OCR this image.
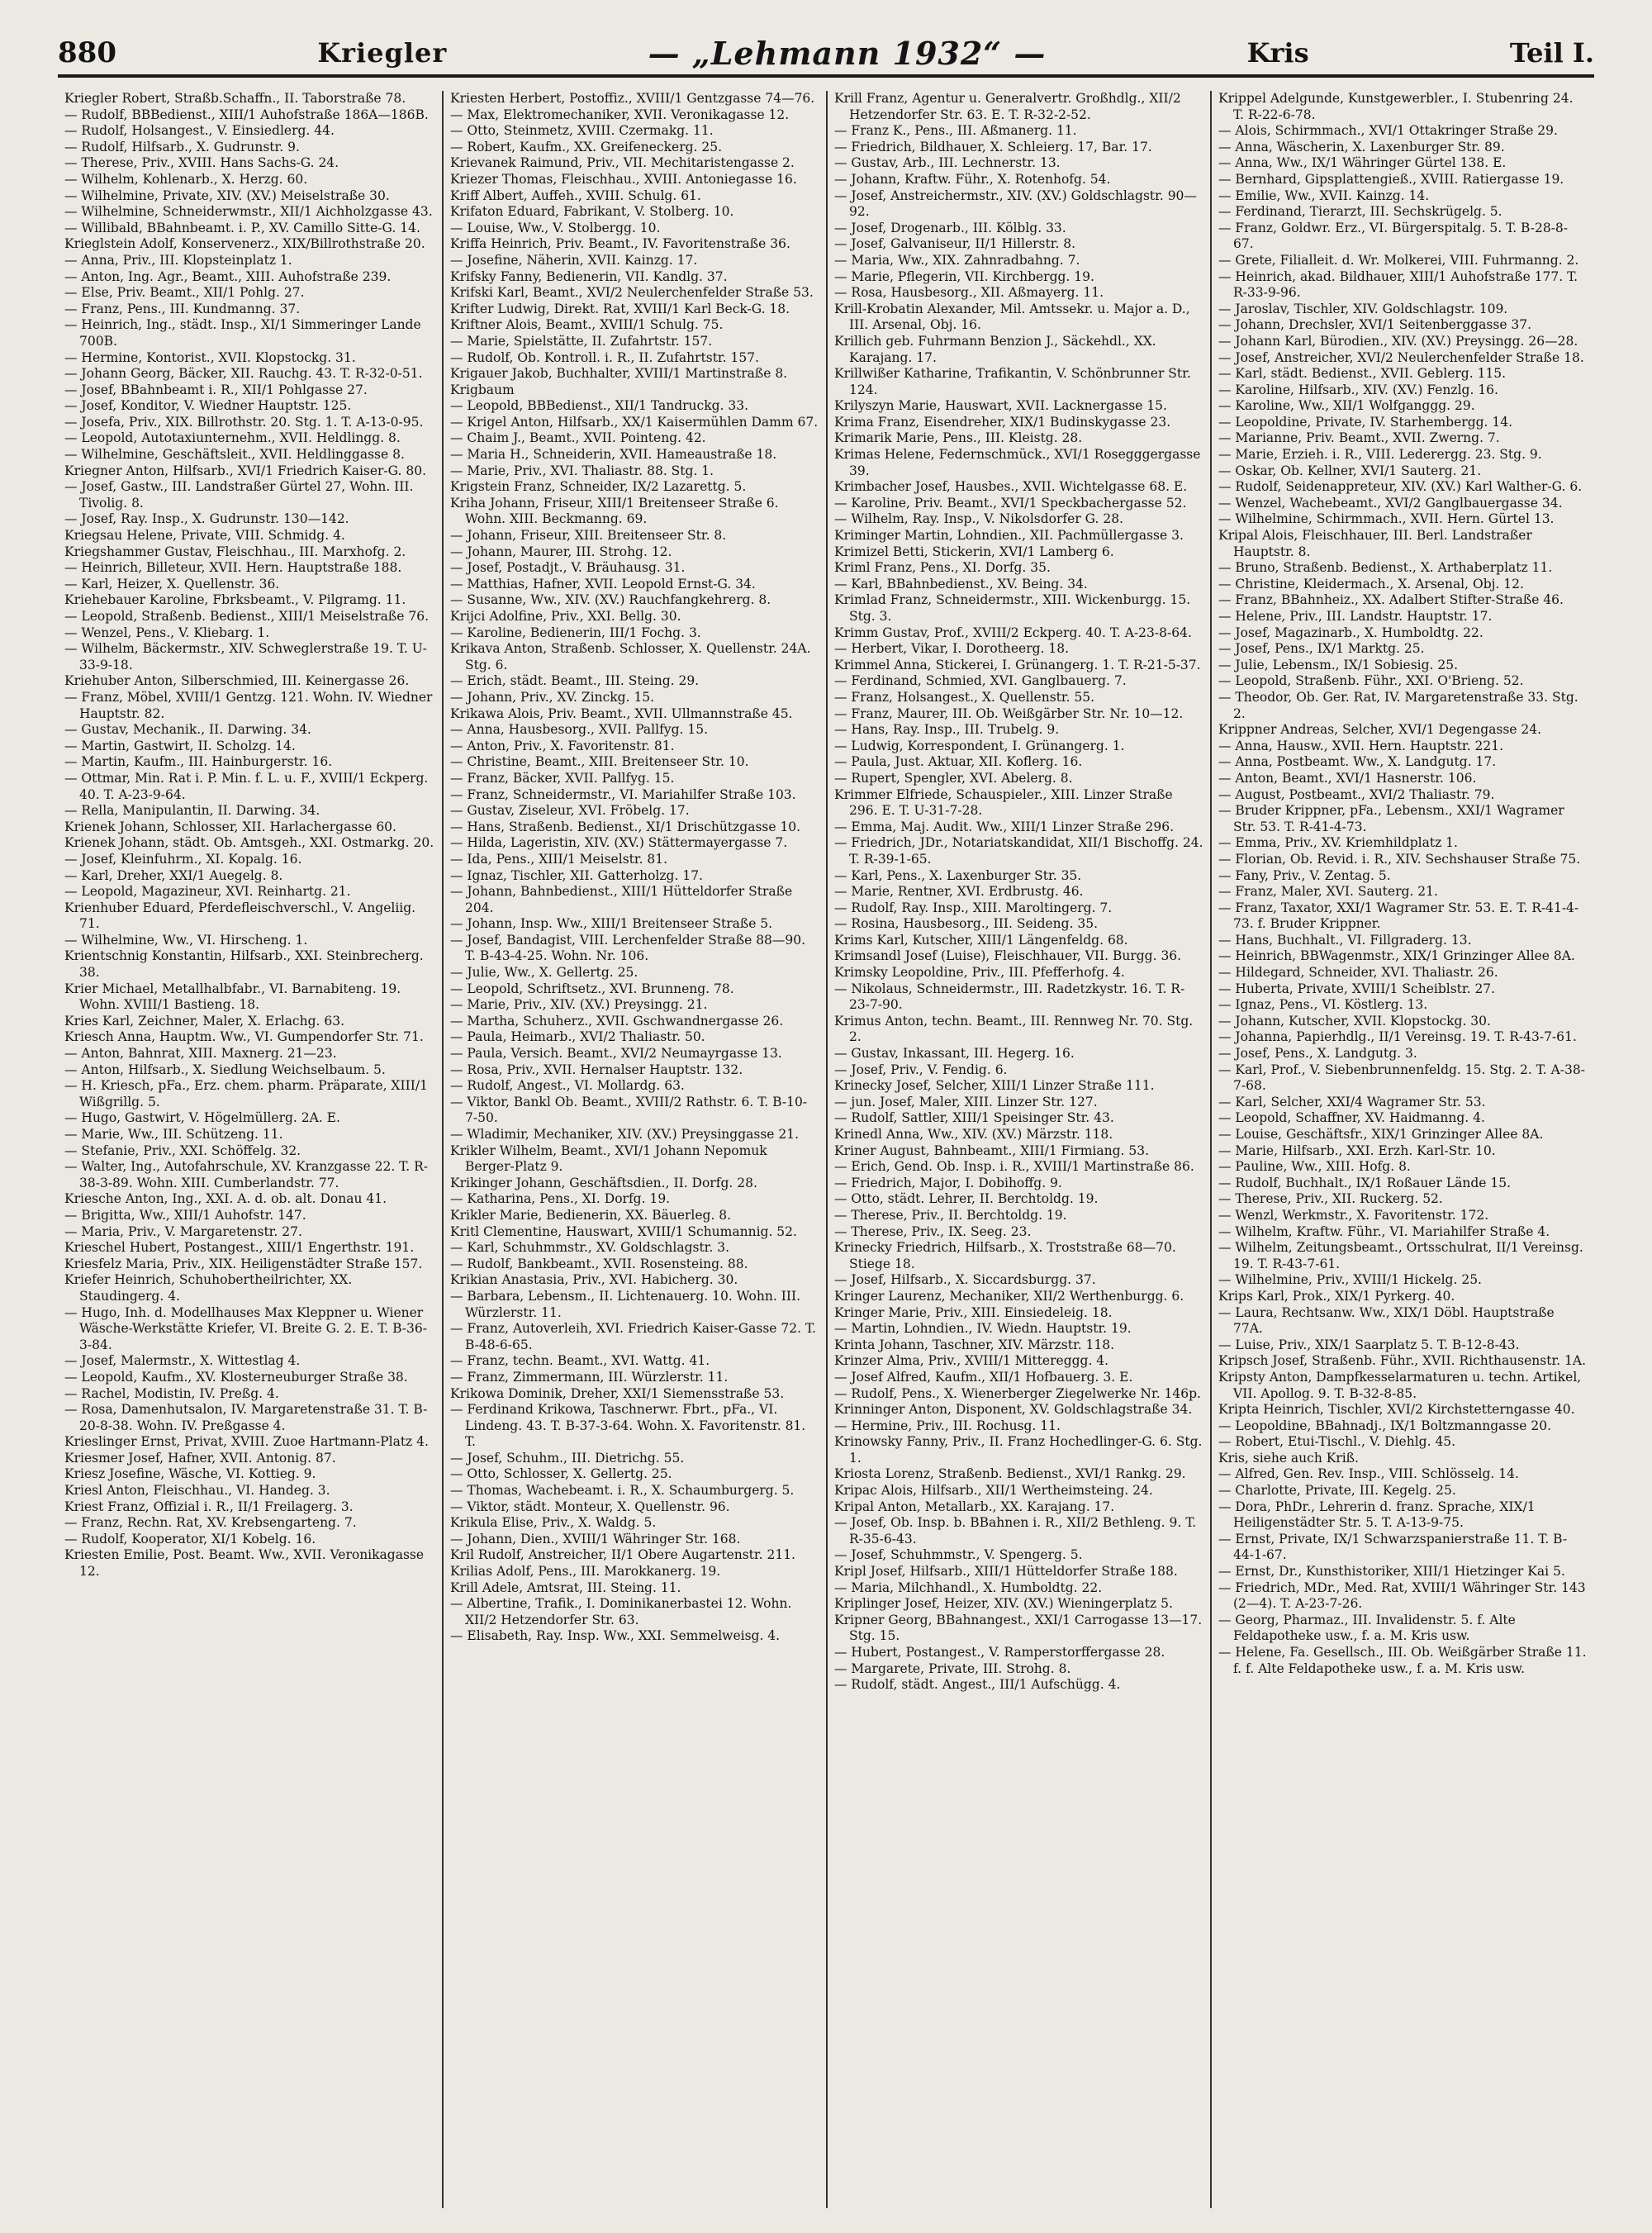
880	Kriegler	— „Lehmann 1932“ —	Kris	Teil I.

Kriegler Robert, Straßb.Schaffn., II. Taborstraße 78.

— Rudolf, BBBedienst., XIII/1 Auhofstraße 186A—186B.

— Rudolf, Holsangest., V. Einsiedlerg. 44.

— Rudolf, Hilfsarb., X. Gudrunstr. 9.

— Therese, Priv., XVIII. Hans Sachs-G. 24.

— Wilhelm, Kohlenarb., X. Herzg. 60.

— Wilhelmine, Private, XIV. (XV.) Meiselstraße 30.

— Wilhelmine, Schneiderwmstr., XII/1 Aichholzgasse 43.

— Willibald, BBahnbeamt. i. P., XV. Camillo Sitte-G. 14.

Krieglstein Adolf, Konservenerz., XIX/Billrothstraße 20.

— Anna, Priv., III. Klopsteinplatz 1.

— Anton, Ing. Agr., Beamt., XIII. Auhofstraße 239.

— Else, Priv. Beamt., XII/1 Pohlg. 27.

— Franz, Pens., III. Kundmanng. 37.

— Heinrich, Ing., städt. Insp., XI/1 Simmeringer Lande 700B.

— Hermine, Kontorist., XVII. Klopstockg. 31.

— Johann Georg, Bäcker, XII. Rauchg. 43. T. R-32-0-51.

— Josef, BBahnbeamt i. R., XII/1 Pohlgasse 27.

— Josef, Konditor, V. Wiedner Hauptstr. 125.

— Josefa, Priv., XIX. Billrothstr. 20. Stg. 1. T. A-13-0-95.

— Leopold, Autotaxiunternehm., XVII. Heldlingg. 8.

— Wilhelmine, Geschäftsleit., XVII. Heldlinggasse 8.

Kriegner Anton, Hilfsarb., XVI/1 Friedrich Kaiser-G. 80.

— Josef, Gastw., III. Landstraßer Gürtel 27, Wohn. III. Tivolig. 8.

— Josef, Ray. Insp., X. Gudrunstr. 130—142.

Kriegsau Helene, Private, VIII. Schmidg. 4.

Kriegshammer Gustav, Fleischhau., III. Marxhofg. 2.

— Heinrich, Billeteur, XVII. Hern. Hauptstraße 188.

— Karl, Heizer, X. Quellenstr. 36.

Kriehebauer Karoline, Fbrksbeamt., V. Pilgramg. 11.

— Leopold, Straßenb. Bedienst., XIII/1 Meiselstraße 76.

— Wenzel, Pens., V. Kliebarg. 1.

— Wilhelm, Bäckermstr., XIV. Schweglerstraße 19. T. U-33-9-18.

Kriehuber Anton, Silberschmied, III. Keinergasse 26.

— Franz, Möbel, XVIII/1 Gentzg. 121. Wohn. IV. Wiedner Hauptstr. 82.

— Gustav, Mechanik., II. Darwing. 34.

— Martin, Gastwirt, II. Scholzg. 14.

— Martin, Kaufm., III. Hainburgerstr. 16.

— Ottmar, Min. Rat i. P. Min. f. L. u. F., XVIII/1 Eckperg. 40. T. A-23-9-64.

— Rella, Manipulantin, II. Darwing. 34.

Krienek Johann, Schlosser, XII. Harlachergasse 60.

Krienek Johann, städt. Ob. Amtsgeh., XXI. Ostmarkg. 20.

— Josef, Kleinfuhrm., XI. Kopalg. 16.

— Karl, Dreher, XXI/1 Auegelg. 8.

— Leopold, Magazineur, XVI. Reinhartg. 21.

Krienhuber Eduard, Pferdefleischverschl., V. Angeliig. 71.

— Wilhelmine, Ww., VI. Hirscheng. 1.

Krientschnig Konstantin, Hilfsarb., XXI. Steinbrecherg. 38.

Krier Michael, Metallhalbfabr., VI. Barnabiteng. 19. Wohn. XVIII/1 Bastieng. 18.

Kries Karl, Zeichner, Maler, X. Erlachg. 63.

Kriesch Anna, Hauptm. Ww., VI. Gumpendorfer Str. 71.

— Anton, Bahnrat, XIII. Maxnerg. 21—23.

— Anton, Hilfsarb., X. Siedlung Weichselbaum. 5.

— H. Kriesch, pFa., Erz. chem. pharm. Präparate, XIII/1 Wißgrillg. 5.

— Hugo, Gastwirt, V. Högelmüllerg. 2A. E.

— Marie, Ww., III. Schützeng. 11.

— Stefanie, Priv., XXI. Schöffelg. 32.

— Walter, Ing., Autofahrschule, XV. Kranzgasse 22. T. R-38-3-89. Wohn. XIII. Cumberlandstr. 77.

Kriesche Anton, Ing., XXI. A. d. ob. alt. Donau 41.

— Brigitta, Ww., XIII/1 Auhofstr. 147.

— Maria, Priv., V. Margaretenstr. 27.

Krieschel Hubert, Postangest., XIII/1 Engerthstr. 191.

Kriesfelz Maria, Priv., XIX. Heiligenstädter Straße 157.

Kriefer Heinrich, Schuhobertheilrichter, XX. Staudingerg. 4.

— Hugo, Inh. d. Modellhauses Max Kleppner u. Wiener Wäsche-Werkstätte Kriefer, VI. Breite G. 2. E. T. B-36-3-84.

— Josef, Malermstr., X. Wittestlag 4.

— Leopold, Kaufm., XV. Klosterneuburger Straße 38.

— Rachel, Modistin, IV. Preßg. 4.

— Rosa, Damenhutsalon, IV. Margaretenstraße 31. T. B-20-8-38. Wohn. IV. Preßgasse 4.

Krieslinger Ernst, Privat, XVIII. Zuoe Hartmann-Platz 4.

Kriesmer Josef, Hafner, XVII. Antonig. 87.

Kriesz Josefine, Wäsche, VI. Kottieg. 9.

Kriesl Anton, Fleischhau., VI. Handeg. 3.

Kriest Franz, Offizial i. R., II/1 Freilagerg. 3.

— Franz, Rechn. Rat, XV. Krebsengarteng. 7.

— Rudolf, Kooperator, XI/1 Kobelg. 16.

Kriesten Emilie, Post. Beamt. Ww., XVII. Veronikagasse 12.

Kriesten Herbert, Postoffiz., XVIII/1 Gentzgasse 74—76.

— Max, Elektromechaniker, XVII. Veronikagasse 12.

— Otto, Steinmetz, XVIII. Czermakg. 11.

— Robert, Kaufm., XX. Greifeneckerg. 25.

Krievanek Raimund, Priv., VII. Mechitaristengasse 2.

Kriezer Thomas, Fleischhau., XVIII. Antoniegasse 16.

Kriff Albert, Auffeh., XVIII. Schulg. 61.

Krifaton Eduard, Fabrikant, V. Stolberg. 10.

— Louise, Ww., V. Stolbergg. 10.

Kriffa Heinrich, Priv. Beamt., IV. Favoritenstraße 36.

— Josefine, Näherin, XVII. Kainzg. 17.

Krifsky Fanny, Bedienerin, VII. Kandlg. 37.

Krifski Karl, Beamt., XVI/2 Neulerchenfelder Straße 53.

Krifter Ludwig, Direkt. Rat, XVIII/1 Karl Beck-G. 18.

Kriftner Alois, Beamt., XVIII/1 Schulg. 75.

— Marie, Spielstätte, II. Zufahrtstr. 157.

— Rudolf, Ob. Kontroll. i. R., II. Zufahrtstr. 157.

Krigauer Jakob, Buchhalter, XVIII/1 Martinstraße 8.

Krigbaum

— Leopold, BBBedienst., XII/1 Tandruckg. 33.

— Krigel Anton, Hilfsarb., XX/1 Kaisermühlen Damm 67.

— Chaim J., Beamt., XVII. Pointeng. 42.

— Maria H., Schneiderin, XVII. Hameaustraße 18.

— Marie, Priv., XVI. Thaliastr. 88. Stg. 1.

Krigstein Franz, Schneider, IX/2 Lazarettg. 5.

Kriha Johann, Friseur, XIII/1 Breitenseer Straße 6. Wohn. XIII. Beckmanng. 69.

— Johann, Friseur, XIII. Breitenseer Str. 8.

— Johann, Maurer, III. Strohg. 12.

— Josef, Postadjt., V. Bräuhausg. 31.

— Matthias, Hafner, XVII. Leopold Ernst-G. 34.

— Susanne, Ww., XIV. (XV.) Rauchfangkehrerg. 8.

Krijci Adolfine, Priv., XXI. Bellg. 30.

— Karoline, Bedienerin, III/1 Fochg. 3.

Krikava Anton, Straßenb. Schlosser, X. Quellenstr. 24A. Stg. 6.

— Erich, städt. Beamt., III. Steing. 29.

— Johann, Priv., XV. Zinckg. 15.

Krikawa Alois, Priv. Beamt., XVII. Ullmannstraße 45.

— Anna, Hausbesorg., XVII. Pallfyg. 15.

— Anton, Priv., X. Favoritenstr. 81.

— Christine, Beamt., XIII. Breitenseer Str. 10.

— Franz, Bäcker, XVII. Pallfyg. 15.

— Franz, Schneidermstr., VI. Mariahilfer Straße 103.

— Gustav, Ziseleur, XVI. Fröbelg. 17.

— Hans, Straßenb. Bedienst., XI/1 Drischützgasse 10.

— Hilda, Lageristin, XIV. (XV.) Stättermayergasse 7.

— Ida, Pens., XIII/1 Meiselstr. 81.

— Ignaz, Tischler, XII. Gatterholzg. 17.

— Johann, Bahnbedienst., XIII/1 Hütteldorfer Straße 204.

— Johann, Insp. Ww., XIII/1 Breitenseer Straße 5.

— Josef, Bandagist, VIII. Lerchenfelder Straße 88—90. T. B-43-4-25. Wohn. Nr. 106.

— Julie, Ww., X. Gellertg. 25.

— Leopold, Schriftsetz., XVI. Brunneng. 78.

— Marie, Priv., XIV. (XV.) Preysingg. 21.

— Martha, Schuherz., XVII. Gschwandnergasse 26.

— Paula, Heimarb., XVI/2 Thaliastr. 50.

— Paula, Versich. Beamt., XVI/2 Neumayrgasse 13.

— Rosa, Priv., XVII. Hernalser Hauptstr. 132.

— Rudolf, Angest., VI. Mollardg. 63.

— Viktor, Bankl Ob. Beamt., XVIII/2 Rathstr. 6. T. B-10-7-50.

— Wladimir, Mechaniker, XIV. (XV.) Preysinggasse 21.

Krikler Wilhelm, Beamt., XVI/1 Johann Nepomuk Berger-Platz 9.

Krikinger Johann, Geschäftsdien., II. Dorfg. 28.

— Katharina, Pens., XI. Dorfg. 19.

Krikler Marie, Bedienerin, XX. Bäuerleg. 8.

Kritl Clementine, Hauswart, XVIII/1 Schumannig. 52.

— Karl, Schuhmmstr., XV. Goldschlagstr. 3.

— Rudolf, Bankbeamt., XVII. Rosensteing. 88.

Krikian Anastasia, Priv., XVI. Habicherg. 30.

— Barbara, Lebensm., II. Lichtenauerg. 10. Wohn. III. Würzlerstr. 11.

— Franz, Autoverleih, XVI. Friedrich Kaiser-Gasse 72. T. B-48-6-65.

— Franz, techn. Beamt., XVI. Wattg. 41.

— Franz, Zimmermann, III. Würzlerstr. 11.

Krikowa Dominik, Dreher, XXI/1 Siemensstraße 53.

— Ferdinand Krikowa, Taschnerwr. Fbrt., pFa., VI. Lindeng. 43. T. B-37-3-64. Wohn. X. Favoritenstr. 81. T.

— Josef, Schuhm., III. Dietrichg. 55.

— Otto, Schlosser, X. Gellertg. 25.

— Thomas, Wachebeamt. i. R., X. Schaumburgerg. 5.

— Viktor, städt. Monteur, X. Quellenstr. 96.

Krikula Elise, Priv., X. Waldg. 5.

— Johann, Dien., XVIII/1 Währinger Str. 168.

Kril Rudolf, Anstreicher, II/1 Obere Augartenstr. 211.

Krilias Adolf, Pens., III. Marokkanerg. 19.

Krill Adele, Amtsrat, III. Steing. 11.

— Albertine, Trafik., I. Dominikanerbastei 12. Wohn. XII/2 Hetzendorfer Str. 63.

— Elisabeth, Ray. Insp. Ww., XXI. Semmelweisg. 4.

Krill Franz, Agentur u. Generalvertr. Großhdlg., XII/2 Hetzendorfer Str. 63. E. T. R-32-2-52.

— Franz K., Pens., III. Aßmanerg. 11.

— Friedrich, Bildhauer, X. Schleierg. 17, Bar. 17.

— Gustav, Arb., III. Lechnerstr. 13.

— Johann, Kraftw. Führ., X. Rotenhofg. 54.

— Josef, Anstreichermstr., XIV. (XV.) Goldschlagstr. 90—92.

— Josef, Drogenarb., III. Kölblg. 33.

— Josef, Galvaniseur, II/1 Hillerstr. 8.

— Maria, Ww., XIX. Zahnradbahng. 7.

— Marie, Pflegerin, VII. Kirchbergg. 19.

— Rosa, Hausbesorg., XII. Aßmayerg. 11.

Krill-Krobatin Alexander, Mil. Amtssekr. u. Major a. D., III. Arsenal, Obj. 16.

Krillich geb. Fuhrmann Benzion J., Säckehdl., XX. Karajang. 17.

Krillwißer Katharine, Trafikantin, V. Schönbrunner Str. 124.

Krilyszyn Marie, Hauswart, XVII. Lacknergasse 15.

Krima Franz, Eisendreher, XIX/1 Budinskygasse 23.

Krimarik Marie, Pens., III. Kleistg. 28.

Krimas Helene, Federnschmück., XVI/1 Rosegggergasse 39.

Krimbacher Josef, Hausbes., XVII. Wichtelgasse 68. E.

— Karoline, Priv. Beamt., XVI/1 Speckbachergasse 52.

— Wilhelm, Ray. Insp., V. Nikolsdorfer G. 28.

Kriminger Martin, Lohndien., XII. Pachmüllergasse 3.

Krimizel Betti, Stickerin, XVI/1 Lamberg 6.

Kriml Franz, Pens., XI. Dorfg. 35.

— Karl, BBahnbedienst., XV. Being. 34.

Krimlad Franz, Schneidermstr., XIII. Wickenburgg. 15. Stg. 3.

Krimm Gustav, Prof., XVIII/2 Eckperg. 40. T. A-23-8-64.

— Herbert, Vikar, I. Dorotheerg. 18.

Krimmel Anna, Stickerei, I. Grünangerg. 1. T. R-21-5-37.

— Ferdinand, Schmied, XVI. Ganglbauerg. 7.

— Franz, Holsangest., X. Quellenstr. 55.

— Franz, Maurer, III. Ob. Weißgärber Str. Nr. 10—12.

— Hans, Ray. Insp., III. Trubelg. 9.

— Ludwig, Korrespondent, I. Grünangerg. 1.

— Paula, Just. Aktuar, XII. Koflerg. 16.

— Rupert, Spengler, XVI. Abelerg. 8.

Krimmer Elfriede, Schauspieler., XIII. Linzer Straße 296. E. T. U-31-7-28.

— Emma, Maj. Audit. Ww., XIII/1 Linzer Straße 296.

— Friedrich, JDr., Notariatskandidat, XII/1 Bischoffg. 24. T. R-39-1-65.

— Karl, Pens., X. Laxenburger Str. 35.

— Marie, Rentner, XVI. Erdbrustg. 46.

— Rudolf, Ray. Insp., XIII. Maroltingerg. 7.

— Rosina, Hausbesorg., III. Seideng. 35.

Krims Karl, Kutscher, XIII/1 Längenfeldg. 68.

Krimsandl Josef (Luise), Fleischhauer, VII. Burgg. 36.

Krimsky Leopoldine, Priv., III. Pfefferhofg. 4.

— Nikolaus, Schneidermstr., III. Radetzkystr. 16. T. R-23-7-90.

Krimus Anton, techn. Beamt., III. Rennweg Nr. 70. Stg. 2.

— Gustav, Inkassant, III. Hegerg. 16.

— Josef, Priv., V. Fendig. 6.

Krinecky Josef, Selcher, XIII/1 Linzer Straße 111.

— jun. Josef, Maler, XIII. Linzer Str. 127.

— Rudolf, Sattler, XIII/1 Speisinger Str. 43.

Krinedl Anna, Ww., XIV. (XV.) Märzstr. 118.

Kriner August, Bahnbeamt., XIII/1 Firmiang. 53.

— Erich, Gend. Ob. Insp. i. R., XVIII/1 Martinstraße 86.

— Friedrich, Major, I. Dobihoffg. 9.

— Otto, städt. Lehrer, II. Berchtoldg. 19.

— Therese, Priv., II. Berchtoldg. 19.

— Therese, Priv., IX. Seeg. 23.

Krinecky Friedrich, Hilfsarb., X. Troststraße 68—70. Stiege 18.

— Josef, Hilfsarb., X. Siccardsburgg. 37.

Kringer Laurenz, Mechaniker, XII/2 Werthenburgg. 6.

Kringer Marie, Priv., XIII. Einsiedeleig. 18.

— Martin, Lohndien., IV. Wiedn. Hauptstr. 19.

Krinta Johann, Taschner, XIV. Märzstr. 118.

Krinzer Alma, Priv., XVIII/1 Mittereggg. 4.

— Josef Alfred, Kaufm., XII/1 Hofbauerg. 3. E.

— Rudolf, Pens., X. Wienerberger Ziegelwerke Nr. 146p.

Krinninger Anton, Disponent, XV. Goldschlagstraße 34.

— Hermine, Priv., III. Rochusg. 11.

Krinowsky Fanny, Priv., II. Franz Hochedlinger-G. 6. Stg. 1.

Kriosta Lorenz, Straßenb. Bedienst., XVI/1 Rankg. 29.

Kripac Alois, Hilfsarb., XII/1 Wertheimsteing. 24.

Kripal Anton, Metallarb., XX. Karajang. 17.

— Josef, Ob. Insp. b. BBahnen i. R., XII/2 Bethleng. 9. T. R-35-6-43.

— Josef, Schuhmmstr., V. Spengerg. 5.

Kripl Josef, Hilfsarb., XIII/1 Hütteldorfer Straße 188.

— Maria, Milchhandl., X. Humboldtg. 22.

Kriplinger Josef, Heizer, XIV. (XV.) Wieningerplatz 5.

Kripner Georg, BBahnangest., XXI/1 Carrogasse 13—17. Stg. 15.

— Hubert, Postangest., V. Ramperstorffergasse 28.

— Margarete, Private, III. Strohg. 8.

— Rudolf, städt. Angest., III/1 Aufschügg. 4.

Krippel Adelgunde, Kunstgewerbler., I. Stubenring 24. T. R-22-6-78.

— Alois, Schirmmach., XVI/1 Ottakringer Straße 29.

— Anna, Wäscherin, X. Laxenburger Str. 89.

— Anna, Ww., IX/1 Währinger Gürtel 138. E.

— Bernhard, Gipsplattengieß., XVIII. Ratiergasse 19.

— Emilie, Ww., XVII. Kainzg. 14.

— Ferdinand, Tierarzt, III. Sechskrügelg. 5.

— Franz, Goldwr. Erz., VI. Bürgerspitalg. 5. T. B-28-8-67.

— Grete, Filialleit. d. Wr. Molkerei, VIII. Fuhrmanng. 2.

— Heinrich, akad. Bildhauer, XIII/1 Auhofstraße 177. T. R-33-9-96.

— Jaroslav, Tischler, XIV. Goldschlagstr. 109.

— Johann, Drechsler, XVI/1 Seitenberggasse 37.

— Johann Karl, Bürodien., XIV. (XV.) Preysingg. 26—28.

— Josef, Anstreicher, XVI/2 Neulerchenfelder Straße 18.

— Karl, städt. Bedienst., XVII. Geblerg. 115.

— Karoline, Hilfsarb., XIV. (XV.) Fenzlg. 16.

— Karoline, Ww., XII/1 Wolfganggg. 29.

— Leopoldine, Private, IV. Starhembergg. 14.

— Marianne, Priv. Beamt., XVII. Zwerng. 7.

— Marie, Erzieh. i. R., VIII. Lederergg. 23. Stg. 9.

— Oskar, Ob. Kellner, XVI/1 Sauterg. 21.

— Rudolf, Seidenappreteur, XIV. (XV.) Karl Walther-G. 6.

— Wenzel, Wachebeamt., XVI/2 Ganglbauergasse 34.

— Wilhelmine, Schirmmach., XVII. Hern. Gürtel 13.

Kripal Alois, Fleischhauer, III. Berl. Landstraßer Hauptstr. 8.

— Bruno, Straßenb. Bedienst., X. Arthaberplatz 11.

— Christine, Kleidermach., X. Arsenal, Obj. 12.

— Franz, BBahnheiz., XX. Adalbert Stifter-Straße 46.

— Helene, Priv., III. Landstr. Hauptstr. 17.

— Josef, Magazinarb., X. Humboldtg. 22.

— Josef, Pens., IX/1 Marktg. 25.

— Julie, Lebensm., IX/1 Sobiesig. 25.

— Leopold, Straßenb. Führ., XXI. O'Brieng. 52.

— Theodor, Ob. Ger. Rat, IV. Margaretenstraße 33. Stg. 2.

Krippner Andreas, Selcher, XVI/1 Degengasse 24.

— Anna, Hausw., XVII. Hern. Hauptstr. 221.

— Anna, Postbeamt. Ww., X. Landgutg. 17.

— Anton, Beamt., XVI/1 Hasnerstr. 106.

— August, Postbeamt., XVI/2 Thaliastr. 79.

— Bruder Krippner, pFa., Lebensm., XXI/1 Wagramer Str. 53. T. R-41-4-73.

— Emma, Priv., XV. Kriemhildplatz 1.

— Florian, Ob. Revid. i. R., XIV. Sechshauser Straße 75.

— Fany, Priv., V. Zentag. 5.

— Franz, Maler, XVI. Sauterg. 21.

— Franz, Taxator, XXI/1 Wagramer Str. 53. E. T. R-41-4-73. f. Bruder Krippner.

— Hans, Buchhalt., VI. Fillgraderg. 13.

— Heinrich, BBWagenmstr., XIX/1 Grinzinger Allee 8A.

— Hildegard, Schneider, XVI. Thaliastr. 26.

— Huberta, Private, XVIII/1 Scheiblstr. 27.

— Ignaz, Pens., VI. Köstlerg. 13.

— Johann, Kutscher, XVII. Klopstockg. 30.

— Johanna, Papierhdlg., II/1 Vereinsg. 19. T. R-43-7-61.

— Josef, Pens., X. Landgutg. 3.

— Karl, Prof., V. Siebenbrunnenfeldg. 15. Stg. 2. T. A-38-7-68.

— Karl, Selcher, XXI/4 Wagramer Str. 53.

— Leopold, Schaffner, XV. Haidmanng. 4.

— Louise, Geschäftsfr., XIX/1 Grinzinger Allee 8A.

— Marie, Hilfsarb., XXI. Erzh. Karl-Str. 10.

— Pauline, Ww., XIII. Hofg. 8.

— Rudolf, Buchhalt., IX/1 Roßauer Lände 15.

— Therese, Priv., XII. Ruckerg. 52.

— Wenzl, Werkmstr., X. Favoritenstr. 172.

— Wilhelm, Kraftw. Führ., VI. Mariahilfer Straße 4.

— Wilhelm, Zeitungsbeamt., Ortsschulrat, II/1 Vereinsg. 19. T. R-43-7-61.

— Wilhelmine, Priv., XVIII/1 Hickelg. 25.

Krips Karl, Prok., XIX/1 Pyrkerg. 40.

— Laura, Rechtsanw. Ww., XIX/1 Döbl. Hauptstraße 77A.

— Luise, Priv., XIX/1 Saarplatz 5. T. B-12-8-43.

Kripsch Josef, Straßenb. Führ., XVII. Richthausenstr. 1A.

Kripsty Anton, Dampfkesselarmaturen u. techn. Artikel, VII. Apollog. 9. T. B-32-8-85.

Kripta Heinrich, Tischler, XVI/2 Kirchstetterngasse 40.

— Leopoldine, BBahnadj., IX/1 Boltzmanngasse 20.

— Robert, Etui-Tischl., V. Diehlg. 45.

Kris, siehe auch Kriß.

— Alfred, Gen. Rev. Insp., VIII. Schlösselg. 14.

— Charlotte, Private, III. Kegelg. 25.

— Dora, PhDr., Lehrerin d. franz. Sprache, XIX/1 Heiligenstädter Str. 5. T. A-13-9-75.

— Ernst, Private, IX/1 Schwarzspanierstraße 11. T. B-44-1-67.

— Ernst, Dr., Kunsthistoriker, XIII/1 Hietzinger Kai 5.

— Friedrich, MDr., Med. Rat, XVIII/1 Währinger Str. 143 (2—4). T. A-23-7-26.

— Georg, Pharmaz., III. Invalidenstr. 5. f. Alte Feldapotheke usw., f. a. M. Kris usw.

— Helene, Fa. Gesellsch., III. Ob. Weißgärber Straße 11. f. f. Alte Feldapotheke usw., f. a. M. Kris usw.
